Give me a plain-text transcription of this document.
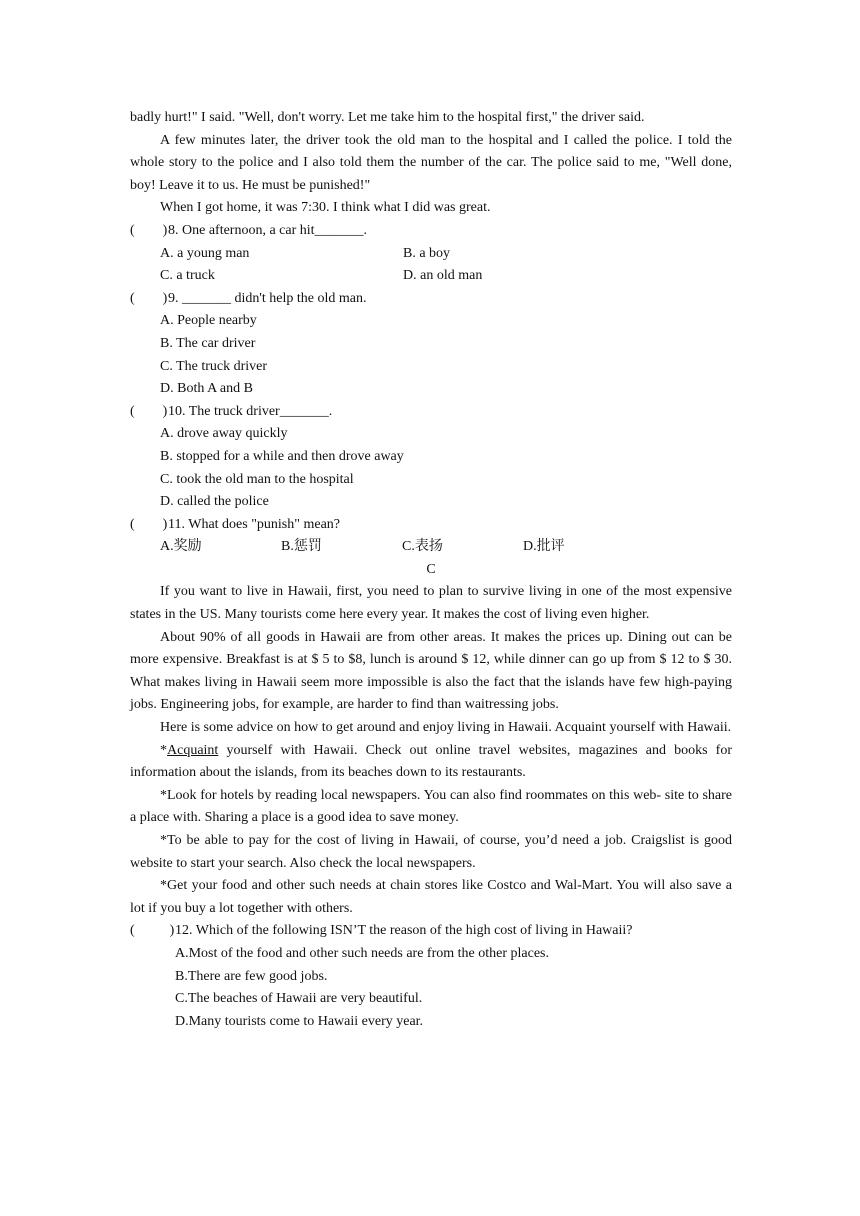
badly hurt!" I said. "Well, don't worry. Let me take him to the hospital first," the driver said.

A few minutes later, the driver took the old man to the hospital and I called the police. I told the whole story to the police and I also told them the number of the car. The police said to me, "Well done, boy! Leave it to us. He must be punished!"

When I got home, it was 7:30. I think what I did was great.

(        ) 8. One afternoon, a car hit_______.
A. a young man	B. a boy
C. a truck	D. an old man
(        ) 9. _______ didn't help the old man.
A. People nearby
B. The car driver
C. The truck driver
D. Both A and B
(        ) 10. The truck driver_______.
A. drove away quickly
B. stopped for a while and then drove away
C. took the old man to the hospital
D. called the police
(        ) 11. What does "punish" mean?
A.奖励	B.惩罚	C.表扬	D.批评

C

If you want to live in Hawaii, first, you need to plan to survive living in one of the most expensive states in the US. Many tourists come here every year. It makes the cost of living even higher.

About 90% of all goods in Hawaii are from other areas. It makes the prices up. Dining out can be more expensive. Breakfast is at $ 5 to $8, lunch is around $ 12, while dinner can go up from $ 12 to $ 30. What makes living in Hawaii seem more impossible is also the fact that the islands have few high-paying jobs. Engineering jobs, for example, are harder to find than waitressing jobs.

Here is some advice on how to get around and enjoy living in Hawaii. Acquaint yourself with Hawaii.

*Acquaint yourself with Hawaii. Check out online travel websites, magazines and books for information about the islands, from its beaches down to its restaurants.

*Look for hotels by reading local newspapers. You can also find roommates on this web- site to share a place with. Sharing a place is a good idea to save money.

*To be able to pay for the cost of living in Hawaii, of course, you’d need a job. Craigslist is good website to start your search. Also check the local newspapers.

*Get your food and other such needs at chain stores like Costco and Wal-Mart. You will also save a lot if you buy a lot together with others.

(          ) 12. Which of the following ISN’T the reason of the high cost of living in Hawaii?
A.Most of the food and other such needs are from the other places.
B.There are few good jobs.
C.The beaches of Hawaii are very beautiful.
D.Many tourists come to Hawaii every year.
